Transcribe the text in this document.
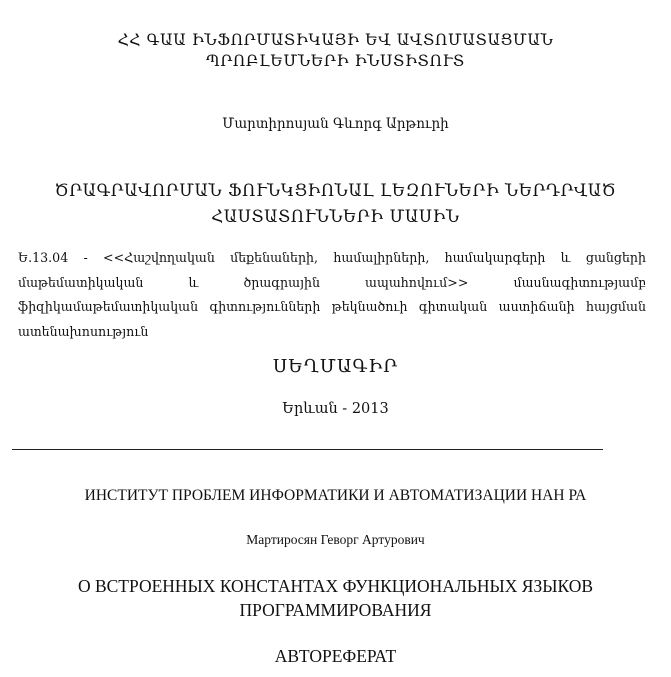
ՀՀ ԳԱԱ ԻՆՖՈՐՄԱՏԻԿԱՅԻ ԵՎ ԱՎՏՈՄԱՏԱՑՄԱՆ
ՊՐՈԲԼԵՄՆԵՐԻ ԻՆՍՏԻՏՈՒՏ
Մարտիրոսյան Գևորգ Արթուրի
ԾՐԱԳՐԱՎՈՐՄԱՆ ՖՈՒՆԿՑԻՈՆԱԼ ԼԵԶՈՒՆԵՐԻ ՆԵՐԴՐՎԱԾ
ՀԱՍՏԱՏՈՒՆՆԵՐԻ ՄԱՍԻՆ
Ե.13.04 - <<Հաշվողական մեքենաների, համալիրների, համակարգերի և ցանցերի մաթեմատիկական և ծրագրային ապահովում>> մասնագիտությամբ ֆիզիկամաթեմատիկական գիտությունների թեկնածուի գիտական աստիճանի հայցման ատենախոսություն
ՍԵՂՄԱԳԻՐ
Երևան - 2013
ИНСТИТУТ ПРОБЛЕМ ИНФОРМАТИКИ И АВТОМАТИЗАЦИИ НАН РА
Мартиросян Геворг Артурович
О ВСТРОЕННЫХ КОНСТАНТАХ ФУНКЦИОНАЛЬНЫХ ЯЗЫКОВ
ПРОГРАММИРОВАНИЯ
АВТОРЕФЕРАТ
